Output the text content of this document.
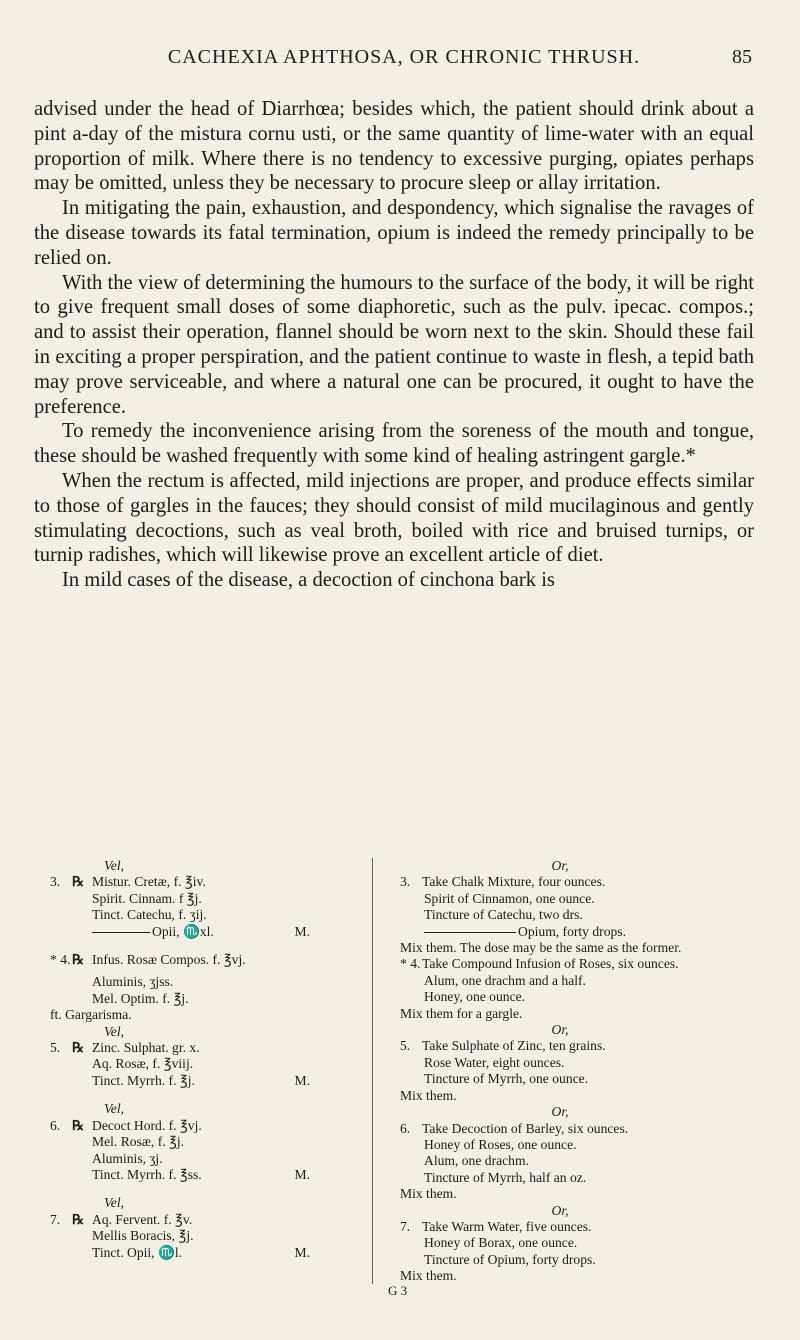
CACHEXIA APHTHOSA, OR CHRONIC THRUSH.	85

advised under the head of Diarrhœa; besides which, the patient should drink about a pint a-day of the mistura cornu usti, or the same quantity of lime-water with an equal proportion of milk. Where there is no tendency to excessive purging, opiates perhaps may be omitted, unless they be necessary to procure sleep or allay irritation.

In mitigating the pain, exhaustion, and despondency, which signalise the ravages of the disease towards its fatal termination, opium is indeed the remedy principally to be relied on.

With the view of determining the humours to the surface of the body, it will be right to give frequent small doses of some diaphoretic, such as the pulv. ipecac. compos.; and to assist their operation, flannel should be worn next to the skin. Should these fail in exciting a proper perspiration, and the patient continue to waste in flesh, a tepid bath may prove serviceable, and where a natural one can be procured, it ought to have the preference.

To remedy the inconvenience arising from the soreness of the mouth and tongue, these should be washed frequently with some kind of healing astringent gargle.*

When the rectum is affected, mild injections are proper, and produce effects similar to those of gargles in the fauces; they should consist of mild mucilaginous and gently stimulating decoctions, such as veal broth, boiled with rice and bruised turnips, or turnip radishes, which will likewise prove an excellent article of diet.

In mild cases of the disease, a decoction of cinchona bark is

Vel,
3. ℞ Mistur. Cretæ, f. ℥iv.
Spirit. Cinnam. f ℥j.
Tinct. Catechu, f. ʒij.
Opii, ♏xl.	M.
* 4. ℞ Infus. Rosæ Compos. f. ℥vj.
Aluminis, ʒjss.
Mel. Optim. f. ℥j.
ft. Gargarisma.
Vel,
5. ℞ Zinc. Sulphat. gr. x.
Aq. Rosæ, f. ℥viij.
Tinct. Myrrh. f. ℥j.	M.
Vel,
6. ℞ Decoct Hord. f. ℥vj.
Mel. Rosæ, f. ℥j.
Aluminis, ʒj.
Tinct. Myrrh. f. ℥ss.	M.
Vel,
7. ℞ Aq. Fervent. f. ℥v.
Mellis Boracis, ℥j.
Tinct. Opii, ♏l.	M.
Or,
3. Take Chalk Mixture, four ounces.
Spirit of Cinnamon, one ounce.
Tincture of Catechu, two drs.
Opium, forty drops.
Mix them. The dose may be the same as the former.
* 4. Take Compound Infusion of Roses, six ounces.
Alum, one drachm and a half.
Honey, one ounce.
Mix them for a gargle.
Or,
5. Take Sulphate of Zinc, ten grains.
Rose Water, eight ounces.
Tincture of Myrrh, one ounce.
Mix them.
Or,
6. Take Decoction of Barley, six ounces.
Honey of Roses, one ounce.
Alum, one drachm.
Tincture of Myrrh, half an oz.
Mix them.
Or,
7. Take Warm Water, five ounces.
Honey of Borax, one ounce.
Tincture of Opium, forty drops.
Mix them.
G 3
